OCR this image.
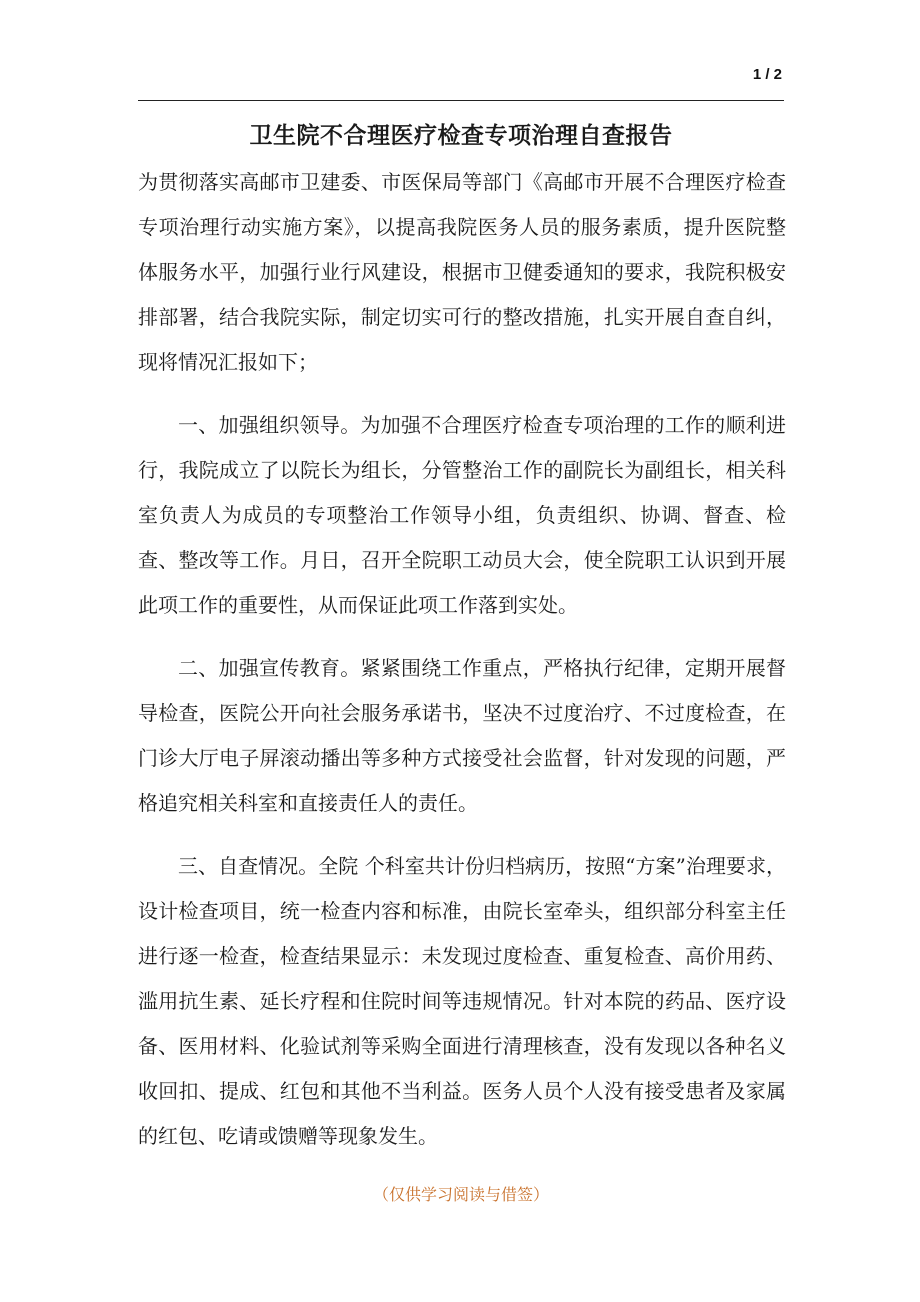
1 / 2
卫生院不合理医疗检查专项治理自查报告

为贯彻落实高邮市卫建委、市医保局等部门《高邮市开展不合理医疗检查专项治理行动实施方案》，以提高我院医务人员的服务素质，提升医院整体服务水平，加强行业行风建设，根据市卫健委通知的要求，我院积极安排部署，结合我院实际，制定切实可行的整改措施，扎实开展自查自纠，现将情况汇报如下；

一、加强组织领导。为加强不合理医疗检查专项治理的工作的顺利进行，我院成立了以院长为组长，分管整治工作的副院长为副组长，相关科室负责人为成员的专项整治工作领导小组，负责组织、协调、督查、检查、整改等工作。月日，召开全院职工动员大会，使全院职工认识到开展此项工作的重要性，从而保证此项工作落到实处。

二、加强宣传教育。紧紧围绕工作重点，严格执行纪律，定期开展督导检查，医院公开向社会服务承诺书，坚决不过度治疗、不过度检查，在门诊大厅电子屏滚动播出等多种方式接受社会监督，针对发现的问题，严格追究相关科室和直接责任人的责任。

三、自查情况。全院 个科室共计份归档病历，按照“方案”治理要求，设计检查项目，统一检查内容和标准，由院长室牵头，组织部分科室主任进行逐一检查，检查结果显示：未发现过度检查、重复检查、高价用药、滥用抗生素、延长疗程和住院时间等违规情况。针对本院的药品、医疗设备、医用材料、化验试剂等采购全面进行清理核查，没有发现以各种名义收回扣、提成、红包和其他不当利益。医务人员个人没有接受患者及家属的红包、吃请或馈赠等现象发生。

（仅供学习阅读与借签）
